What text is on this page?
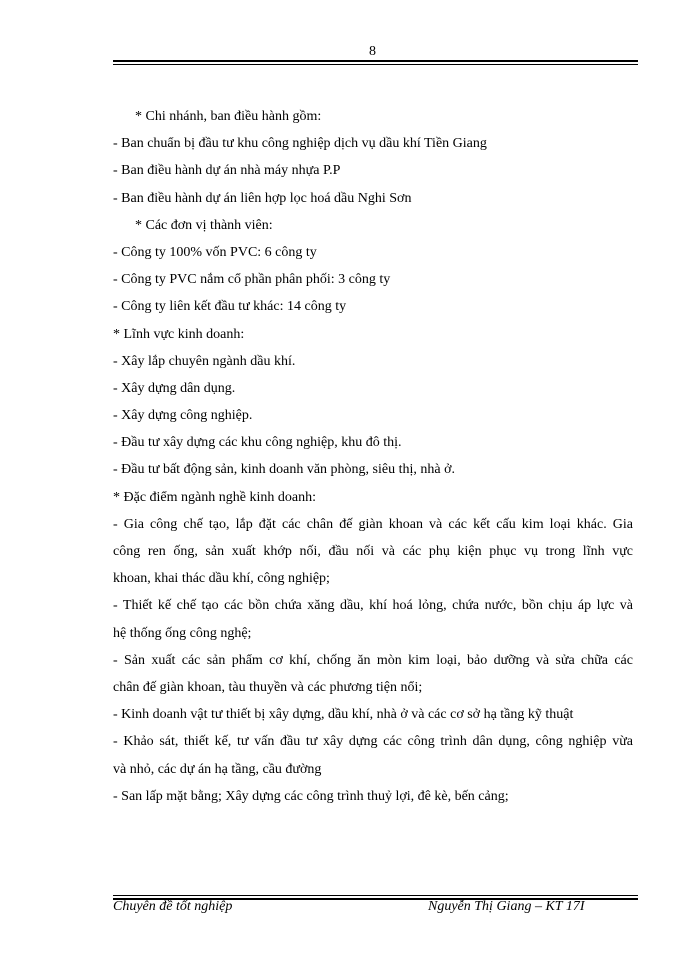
8
* Chi nhánh, ban điều hành gồm:
- Ban chuẩn bị đầu tư khu công nghiệp dịch vụ dầu khí Tiền Giang
- Ban điều hành dự án nhà máy nhựa P.P
- Ban điều hành dự án liên hợp lọc hoá dầu Nghi Sơn
* Các đơn vị thành viên:
- Công ty 100% vốn PVC: 6 công ty
- Công ty PVC nắm cổ phần phân phối: 3 công ty
- Công ty liên kết đầu tư khác: 14 công ty
* Lĩnh vực kinh doanh:
- Xây lắp chuyên ngành dầu khí.
- Xây dựng dân dụng.
- Xây dựng công nghiệp.
- Đầu tư xây dựng các khu công nghiệp, khu đô thị.
- Đầu tư bất động sản, kinh doanh văn phòng, siêu thị, nhà ở.
* Đặc điểm ngành nghề kinh doanh:
- Gia công chế tạo, lắp đặt các chân đế giàn khoan và các kết cấu kim loại khác. Gia
công ren ống, sản xuất khớp nối, đầu nối và các phụ kiện phục vụ trong lĩnh vực
khoan, khai thác dầu khí, công nghiệp;
- Thiết kế chế tạo các bồn chứa xăng dầu, khí hoá lỏng, chứa nước, bồn chịu áp lực và
hệ thống ống công nghệ;
- Sản xuất các sản phẩm cơ khí, chống ăn mòn kim loại, bảo dưỡng và sửa chữa các
chân đế giàn khoan, tàu thuyền và các phương tiện nổi;
- Kinh doanh vật tư thiết bị xây dựng, dầu khí, nhà ở và các cơ sở hạ tầng kỹ thuật
- Khảo sát, thiết kế, tư vấn đầu tư xây dựng các công trình dân dụng, công nghiệp vừa
và nhỏ, các dự án hạ tầng, cầu đường
- San lấp mặt bằng; Xây dựng các công trình thuỷ lợi, đê kè, bến cảng;
Chuyên đề tốt nghiệp	Nguyễn Thị Giang – KT 17I
